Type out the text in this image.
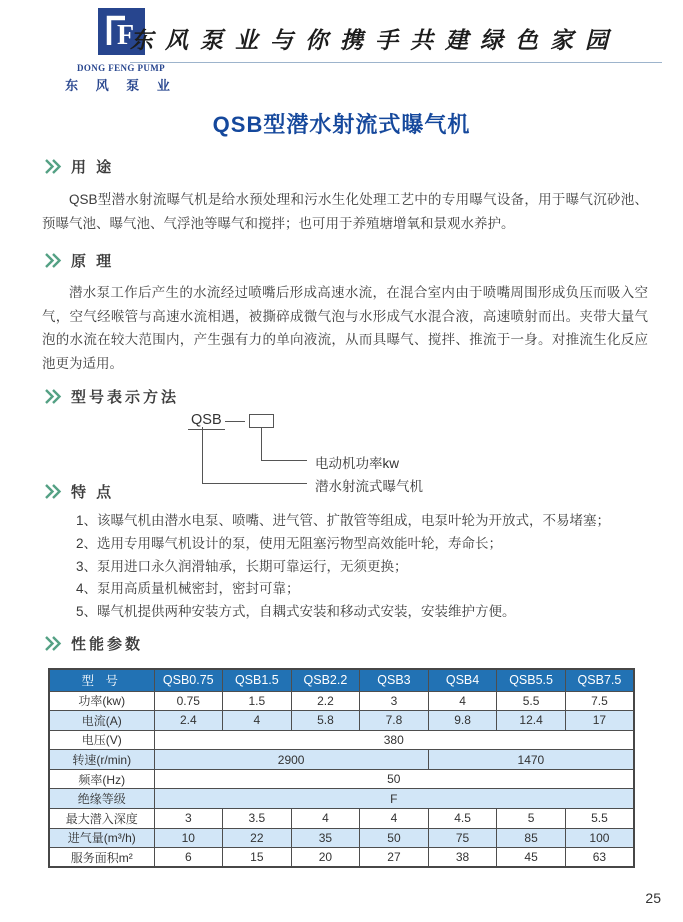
F
DONG FENG PUMP
东 风 泵 业
东风泵业与你携手共建绿色家园
QSB型潜水射流式曝气机
用 途

QSB型潜水射流曝气机是给水预处理和污水生化处理工艺中的专用曝气设备，用于曝气沉砂池、预曝气池、曝气池、气浮池等曝气和搅拌；也可用于养殖塘增氧和景观水养护。

原 理

潜水泵工作后产生的水流经过喷嘴后形成高速水流，在混合室内由于喷嘴周围形成负压而吸入空气，空气经喉管与高速水流相遇，被撕碎成微气泡与水形成气水混合液，高速喷射而出。夹带大量气泡的水流在较大范围内，产生强有力的单向液流，从而具曝气、搅拌、推流于一身。对推流生化反应池更为适用。

型号表示方法
QSB
电动机功率kw
潜水射流式曝气机
特 点
1、该曝气机由潜水电泵、喷嘴、进气管、扩散管等组成，电泵叶轮为开放式，不易堵塞；
2、选用专用曝气机设计的泵，使用无阻塞污物型高效能叶轮，寿命长；
3、泵用进口永久润滑轴承，长期可靠运行，无须更换；
4、泵用高质量机械密封，密封可靠；
5、曝气机提供两种安装方式，自耦式安装和移动式安装，安装维护方便。
性能参数
型 号	QSB0.75	QSB1.5	QSB2.2	QSB3	QSB4	QSB5.5	QSB7.5
功率(kw)	0.75	1.5	2.2	3	4	5.5	7.5
电流(A)	2.4	4	5.8	7.8	9.8	12.4	17
电压(V)	380						
转速(r/min)	2900				1470		
频率(Hz)	50						
绝缘等级	F						
最大潜入深度	3	3.5	4	4	4.5	5	5.5
进气量(m³/h)	10	22	35	50	75	85	100
服务面积m²	6	15	20	27	38	45	63
25
